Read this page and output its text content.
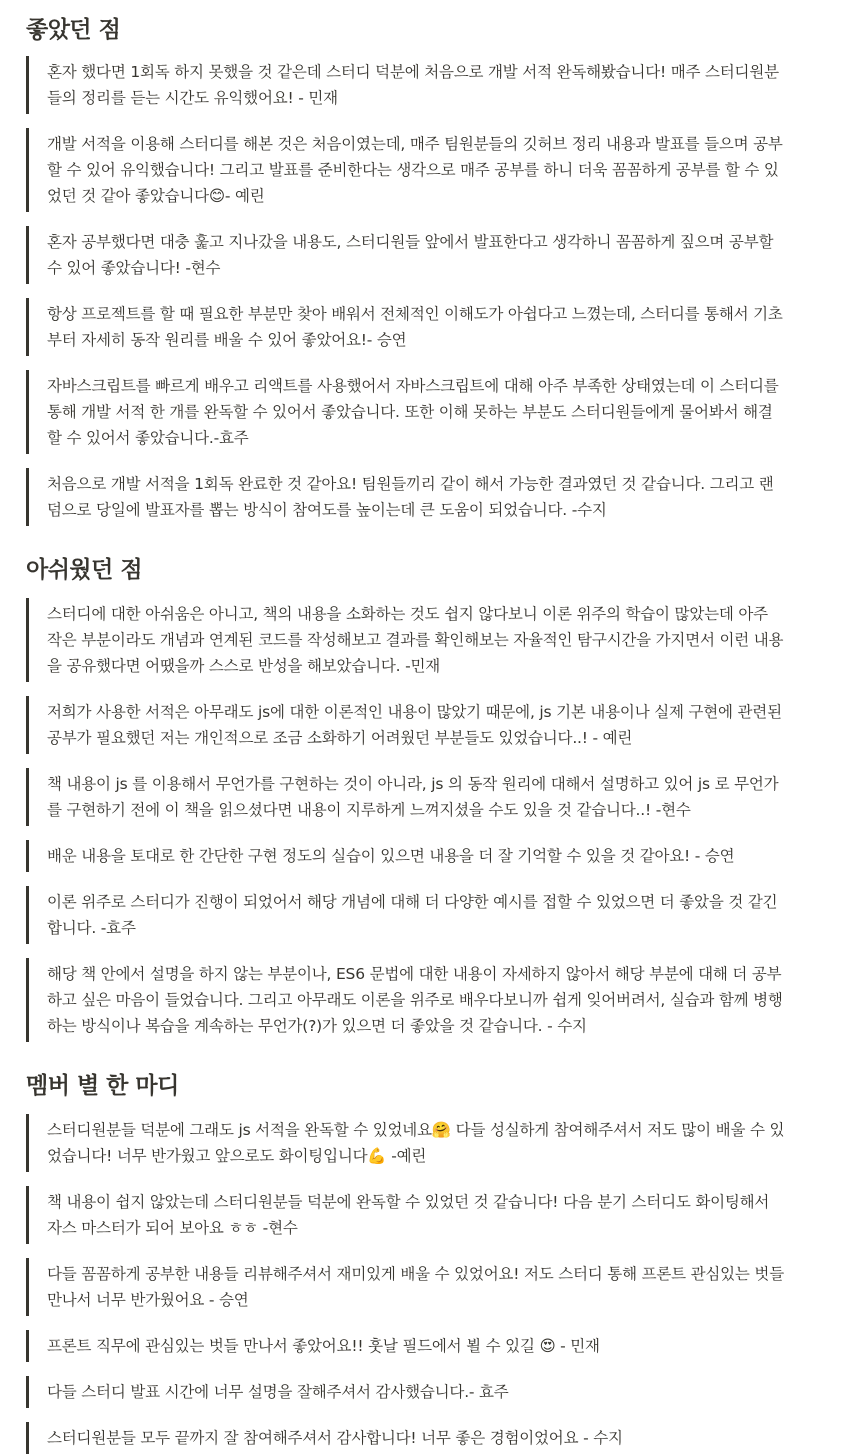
좋았던 점
혼자 했다면 1회독 하지 못했을 것 같은데 스터디 덕분에 처음으로 개발 서적 완독해봤습니다! 매주 스터디원분들의 정리를 듣는 시간도 유익했어요! - 민재
개발 서적을 이용해 스터디를 해본 것은 처음이였는데, 매주 팀원분들의 깃허브 정리 내용과 발표를 들으며 공부할 수 있어 유익했습니다! 그리고 발표를 준비한다는 생각으로 매주 공부를 하니 더욱 꼼꼼하게 공부를 할 수 있었던 것 같아 좋았습니다😊- 예린
혼자 공부했다면 대충 훑고 지나갔을 내용도, 스터디원들 앞에서 발표한다고 생각하니 꼼꼼하게 짚으며 공부할 수 있어 좋았습니다! -현수
항상 프로젝트를 할 때 필요한 부분만 찾아 배워서 전체적인 이해도가 아쉽다고 느꼈는데, 스터디를 통해서 기초부터 자세히 동작 원리를 배울 수 있어 좋았어요!- 승연
자바스크립트를 빠르게 배우고 리액트를 사용했어서 자바스크립트에 대해 아주 부족한 상태였는데 이 스터디를 통해 개발 서적 한 개를 완독할 수 있어서 좋았습니다. 또한 이해 못하는 부분도 스터디원들에게 물어봐서 해결할 수 있어서 좋았습니다.-효주
처음으로 개발 서적을 1회독 완료한 것 같아요! 팀원들끼리 같이 해서 가능한 결과였던 것 같습니다. 그리고 랜덤으로 당일에 발표자를 뽑는 방식이 참여도를 높이는데 큰 도움이 되었습니다. -수지
아쉬웠던 점
스터디에 대한 아쉬움은 아니고, 책의 내용을 소화하는 것도 쉽지 않다보니 이론 위주의 학습이 많았는데 아주 작은 부분이라도 개념과 연계된 코드를 작성해보고 결과를 확인해보는 자율적인 탐구시간을 가지면서 이런 내용을 공유했다면 어땠을까 스스로 반성을 해보았습니다. -민재
저희가 사용한 서적은 아무래도 js에 대한 이론적인 내용이 많았기 때문에, js 기본 내용이나 실제 구현에 관련된 공부가 필요했던 저는 개인적으로 조금 소화하기 어려웠던 부분들도 있었습니다..! - 예린
책 내용이 js 를 이용해서 무언가를 구현하는 것이 아니라, js 의 동작 원리에 대해서 설명하고 있어 js 로 무언가를 구현하기 전에 이 책을 읽으셨다면 내용이 지루하게 느껴지셨을 수도 있을 것 같습니다..! -현수
배운 내용을 토대로 한 간단한 구현 정도의 실습이 있으면 내용을 더 잘 기억할 수 있을 것 같아요! - 승연
이론 위주로 스터디가 진행이 되었어서 해당 개념에 대해 더 다양한 예시를 접할 수 있었으면 더 좋았을 것 같긴 합니다. -효주
해당 책 안에서 설명을 하지 않는 부분이나, ES6 문법에 대한 내용이 자세하지 않아서 해당 부분에 대해 더 공부하고 싶은 마음이 들었습니다. 그리고 아무래도 이론을 위주로 배우다보니까 쉽게 잊어버려서, 실습과 함께 병행하는 방식이나 복습을 계속하는 무언가(?)가 있으면 더 좋았을 것 같습니다. - 수지
멤버 별 한 마디
스터디원분들 덕분에 그래도 js 서적을 완독할 수 있었네요🤗 다들 성실하게 참여해주셔서 저도 많이 배울 수 있었습니다! 너무 반가웠고 앞으로도 화이팅입니다💪 -예린
책 내용이 쉽지 않았는데 스터디원분들 덕분에 완독할 수 있었던 것 같습니다! 다음 분기 스터디도 화이팅해서 자스 마스터가 되어 보아요 ㅎㅎ -현수
다들 꼼꼼하게 공부한 내용들 리뷰해주셔서 재미있게 배울 수 있었어요! 저도 스터디 통해 프론트 관심있는 벗들 만나서 너무 반가웠어요 - 승연
프론트 직무에 관심있는 벗들 만나서 좋았어요!! 훗날 필드에서 뵐 수 있길 😍 - 민재
다들 스터디 발표 시간에 너무 설명을 잘해주셔서 감사했습니다.- 효주
스터디원분들 모두 끝까지 잘 참여해주셔서 감사합니다! 너무 좋은 경험이었어요 - 수지
